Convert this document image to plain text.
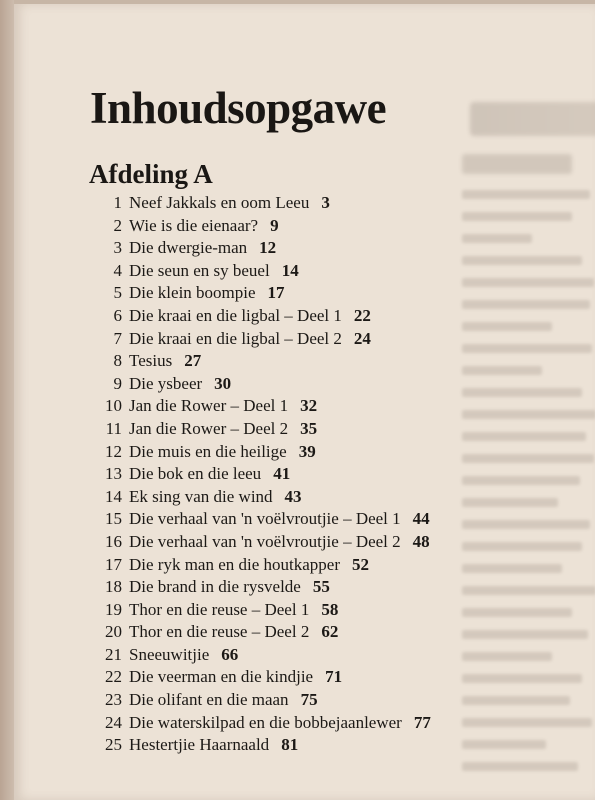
Inhoudsopgawe
Afdeling A
1 Neef Jakkals en oom Leeu 3
2 Wie is die eienaar? 9
3 Die dwergie-man 12
4 Die seun en sy beuel 14
5 Die klein boompie 17
6 Die kraai en die ligbal – Deel 1 22
7 Die kraai en die ligbal – Deel 2 24
8 Tesius 27
9 Die ysbeer 30
10 Jan die Rower – Deel 1 32
11 Jan die Rower – Deel 2 35
12 Die muis en die heilige 39
13 Die bok en die leeu 41
14 Ek sing van die wind 43
15 Die verhaal van 'n voëlvroutjie – Deel 1 44
16 Die verhaal van 'n voëlvroutjie – Deel 2 48
17 Die ryk man en die houtkapper 52
18 Die brand in die rysvelde 55
19 Thor en die reuse – Deel 1 58
20 Thor en die reuse – Deel 2 62
21 Sneeuwitjie 66
22 Die veerman en die kindjie 71
23 Die olifant en die maan 75
24 Die waterskilpad en die bobbejaanlewer 77
25 Hestertjie Haarnaald 81
